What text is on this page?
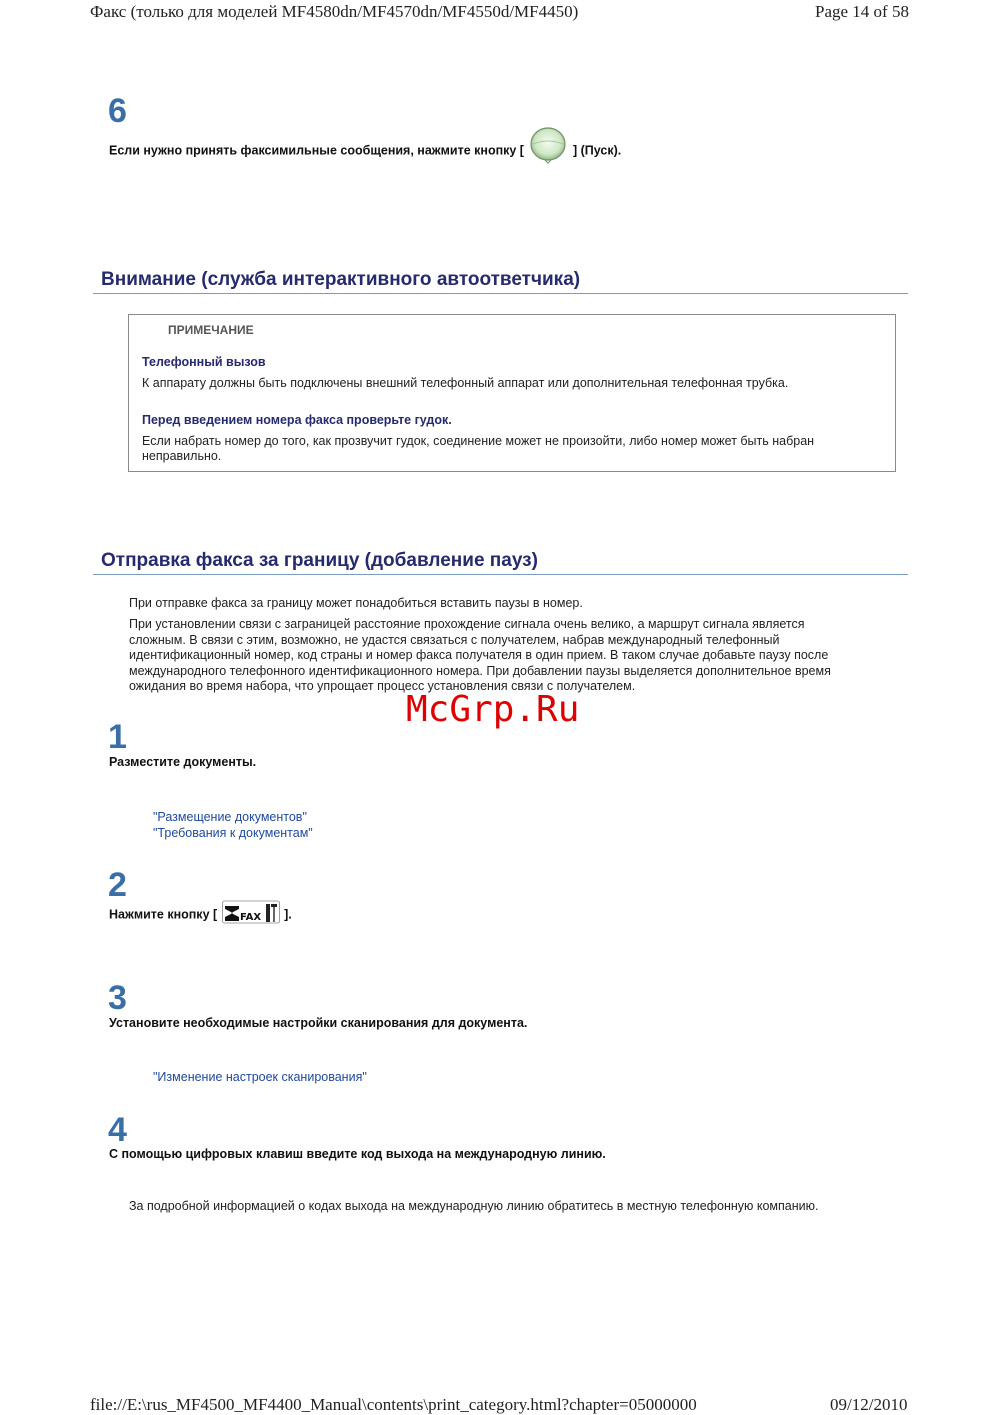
Факс (только для моделей MF4580dn/MF4570dn/MF4550d/MF4450)	Page 14 of 58
6
Если нужно принять факсимильные сообщения, нажмите кнопку [	] (Пуск).
Внимание (служба интерактивного автоответчика)
ПРИМЕЧАНИЕ
Телефонный вызов
К аппарату должны быть подключены внешний телефонный аппарат или дополнительная телефонная трубка.
Перед введением номера факса проверьте гудок.
Если набрать номер до того, как прозвучит гудок, соединение может не произойти, либо номер может быть набран
неправильно.
Отправка факса за границу (добавление пауз)
При отправке факса за границу может понадобиться вставить паузы в номер.
При установлении связи с заграницей расстояние прохождение сигнала очень велико, а маршрут сигнала является
сложным. В связи с этим, возможно, не удастся связаться с получателем, набрав международный телефонный
идентификационный номер, код страны и номер факса получателя в один прием. В таком случае добавьте паузу после
международного телефонного идентификационного номера. При добавлении паузы выделяется дополнительное время
ожидания во время набора, что упрощает процесс установления связи с получателем.
McGrp.Ru
1
Разместите документы.
"Размещение документов"
"Требования к документам"
2
Нажмите кнопку [ FAX ].
3
Установите необходимые настройки сканирования для документа.
"Изменение настроек сканирования"
4
С помощью цифровых клавиш введите код выхода на международную линию.
За подробной информацией о кодах выхода на международную линию обратитесь в местную телефонную компанию.
file://E:\rus_MF4500_MF4400_Manual\contents\print_category.html?chapter=05000000	09/12/2010
